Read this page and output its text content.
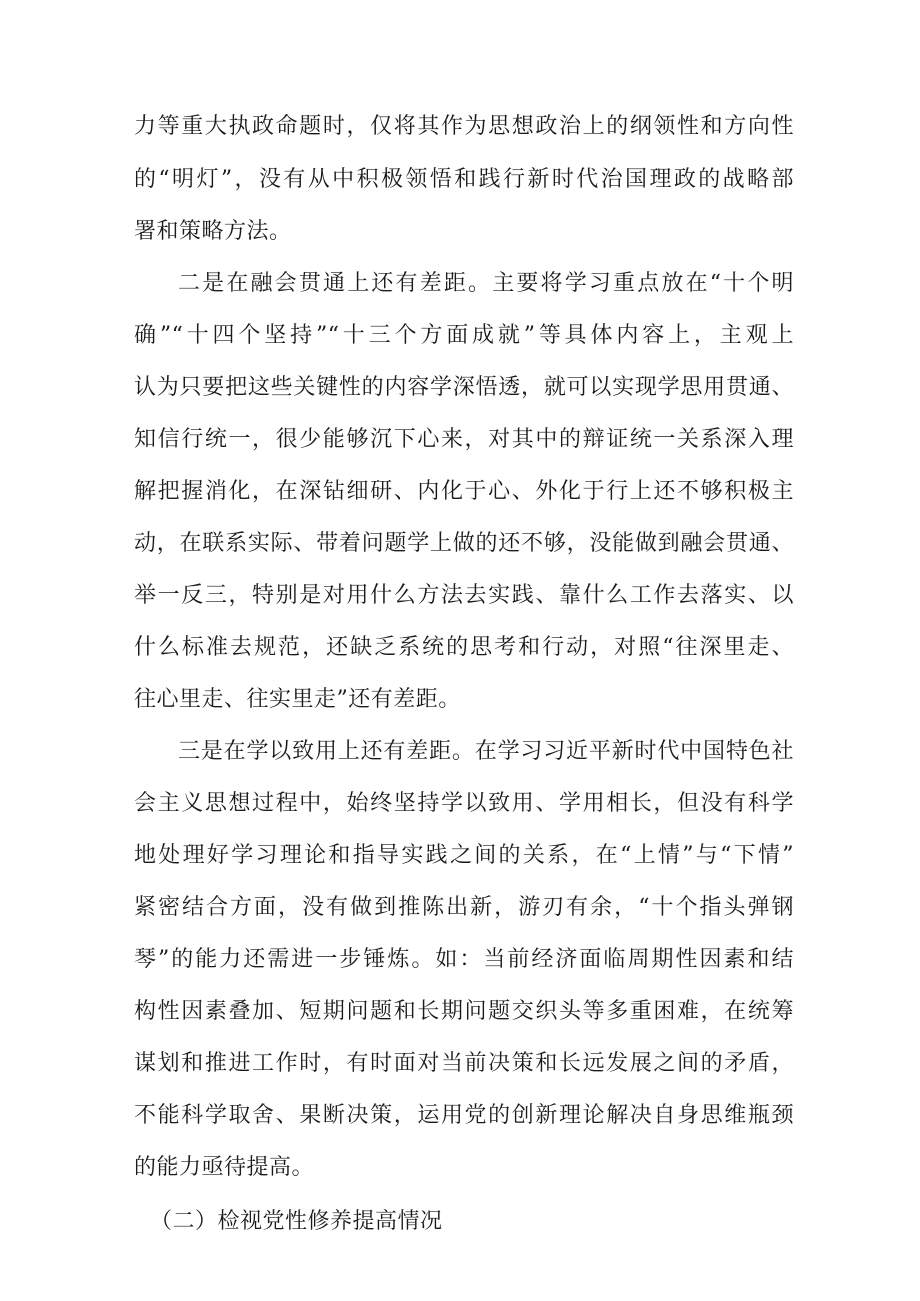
力等重大执政命题时，仅将其作为思想政治上的纲领性和方向性
的“明灯”，没有从中积极领悟和践行新时代治国理政的战略部
署和策略方法。
二是在融会贯通上还有差距。主要将学习重点放在“十个明
确”“十四个坚持”“十三个方面成就”等具体内容上，主观上
认为只要把这些关键性的内容学深悟透，就可以实现学思用贯通、
知信行统一，很少能够沉下心来，对其中的辩证统一关系深入理
解把握消化，在深钻细研、内化于心、外化于行上还不够积极主
动，在联系实际、带着问题学上做的还不够，没能做到融会贯通、
举一反三，特别是对用什么方法去实践、靠什么工作去落实、以
什么标准去规范，还缺乏系统的思考和行动，对照“往深里走、
往心里走、往实里走”还有差距。
三是在学以致用上还有差距。在学习习近平新时代中国特色社
会主义思想过程中，始终坚持学以致用、学用相长，但没有科学
地处理好学习理论和指导实践之间的关系，在“上情”与“下情”
紧密结合方面，没有做到推陈出新，游刃有余，“十个指头弹钢
琴”的能力还需进一步锤炼。如：当前经济面临周期性因素和结
构性因素叠加、短期问题和长期问题交织头等多重困难，在统筹
谋划和推进工作时，有时面对当前决策和长远发展之间的矛盾，
不能科学取舍、果断决策，运用党的创新理论解决自身思维瓶颈
的能力亟待提高。
（二）检视党性修养提高情况
